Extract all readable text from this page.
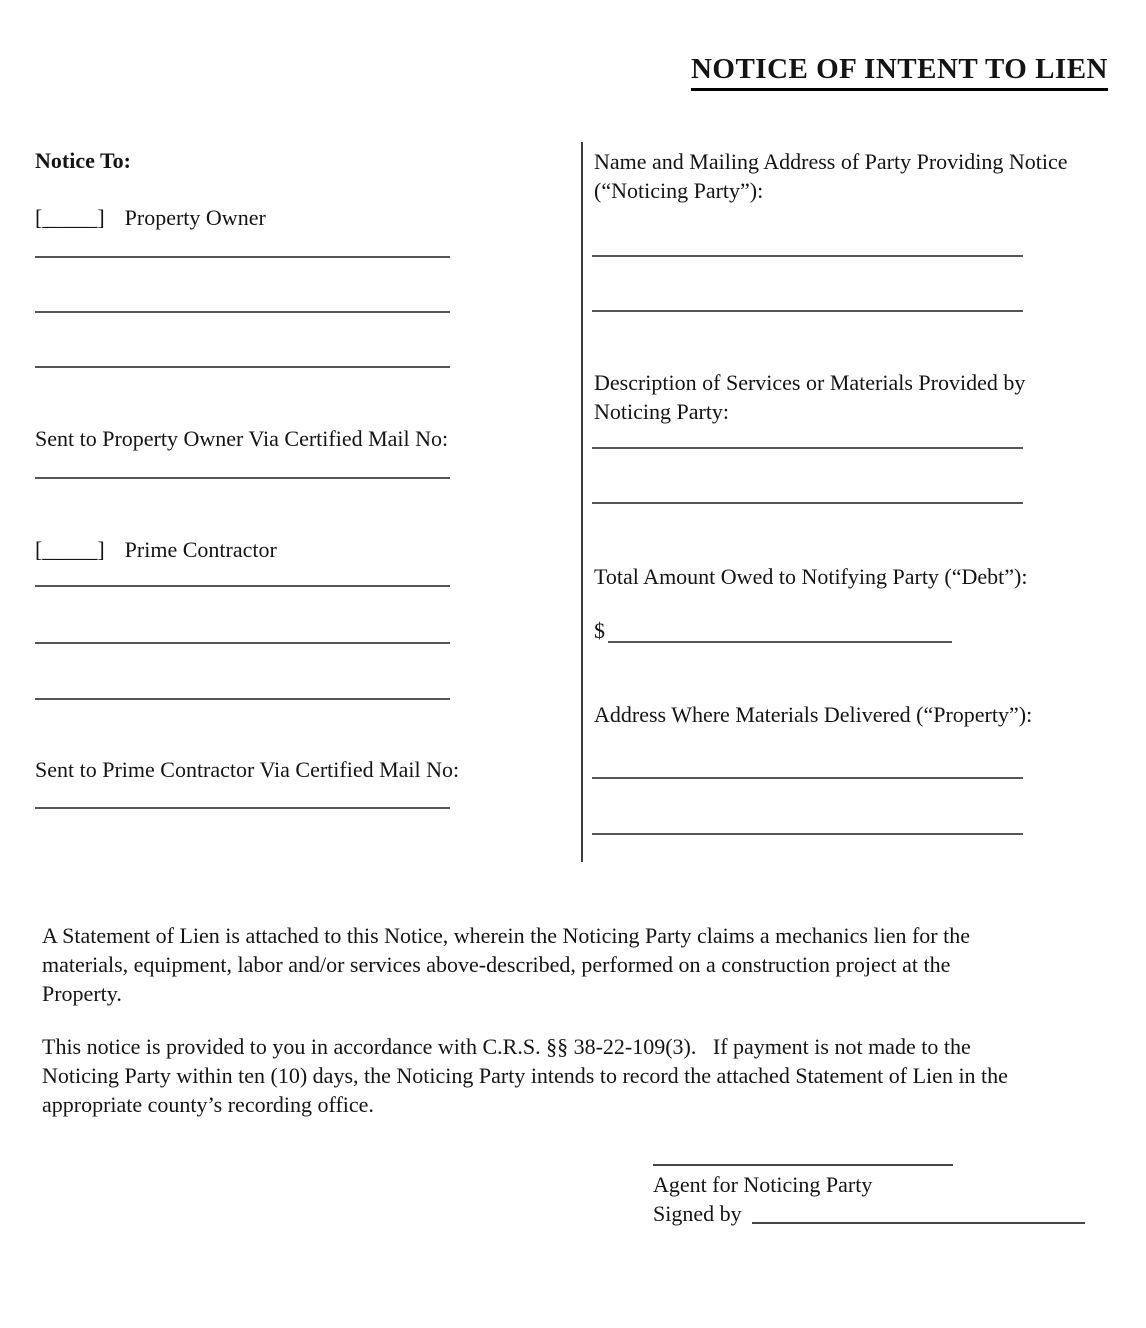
NOTICE OF INTENT TO LIEN
Notice To:
[_____] Property Owner
Sent to Property Owner Via Certified Mail No:
[_____] Prime Contractor
Sent to Prime Contractor Via Certified Mail No:
Name and Mailing Address of Party Providing Notice
(“Noticing Party”):
Description of Services or Materials Provided by
Noticing Party:
Total Amount Owed to Notifying Party (“Debt”):
$
Address Where Materials Delivered (“Property”):
A Statement of Lien is attached to this Notice, wherein the Noticing Party claims a mechanics lien for the
materials, equipment, labor and/or services above-described, performed on a construction project at the
Property.
This notice is provided to you in accordance with C.R.S. §§ 38-22-109(3).   If payment is not made to the
Noticing Party within ten (10) days, the Noticing Party intends to record the attached Statement of Lien in the
appropriate county’s recording office.
Agent for Noticing Party
Signed by
